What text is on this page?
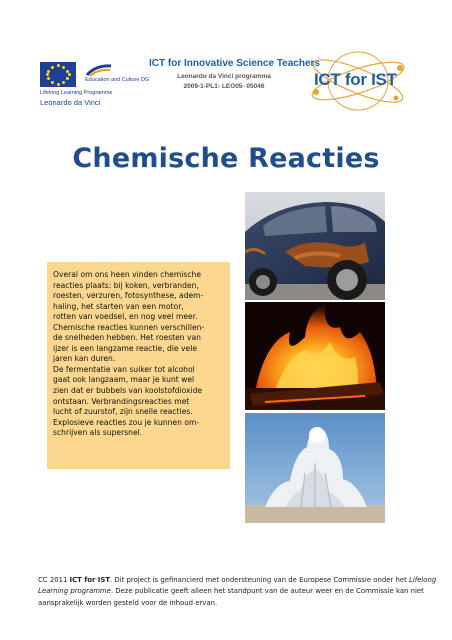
Education and Culture DG
Lifelong Learning Programme
Leonardo da Vinci
ICT for Innovative Science Teachers
Leonardo da Vinci programma
2009-1-PL1- LEO05- 05046	ICT for IST
Chemische Reacties

Overal om ons heen vinden chemische
reacties plaats: bij koken, verbranden,
roesten, verzuren, fotosynthese, adem-
haling, het starten van een motor,
rotten van voedsel, en nog veel meer.
Chemische reacties kunnen verschillen-
de snelheden hebben. Het roesten van
ijzer is een langzame reactie, die vele
jaren kan duren.
De fermentatie van suiker tot alcohol
gaat ook langzaam, maar je kunt wel
zien dat er bubbels van koolstofdioxide
ontstaan. Verbrandingsreacties met
lucht of zuurstof, zijn snelle reacties.
Explosieve reacties zou je kunnen om-
schrijven als supersnel.

CC 2011 ICT for IST. Dit project is gefinancierd met ondersteuning van de Europese Commissie onder het Lifelong Learning programme. Deze publicatie geeft alleen het standpunt van de auteur weer en de Commissie kan niet aansprakelijk worden gesteld voor de inhoud ervan.
